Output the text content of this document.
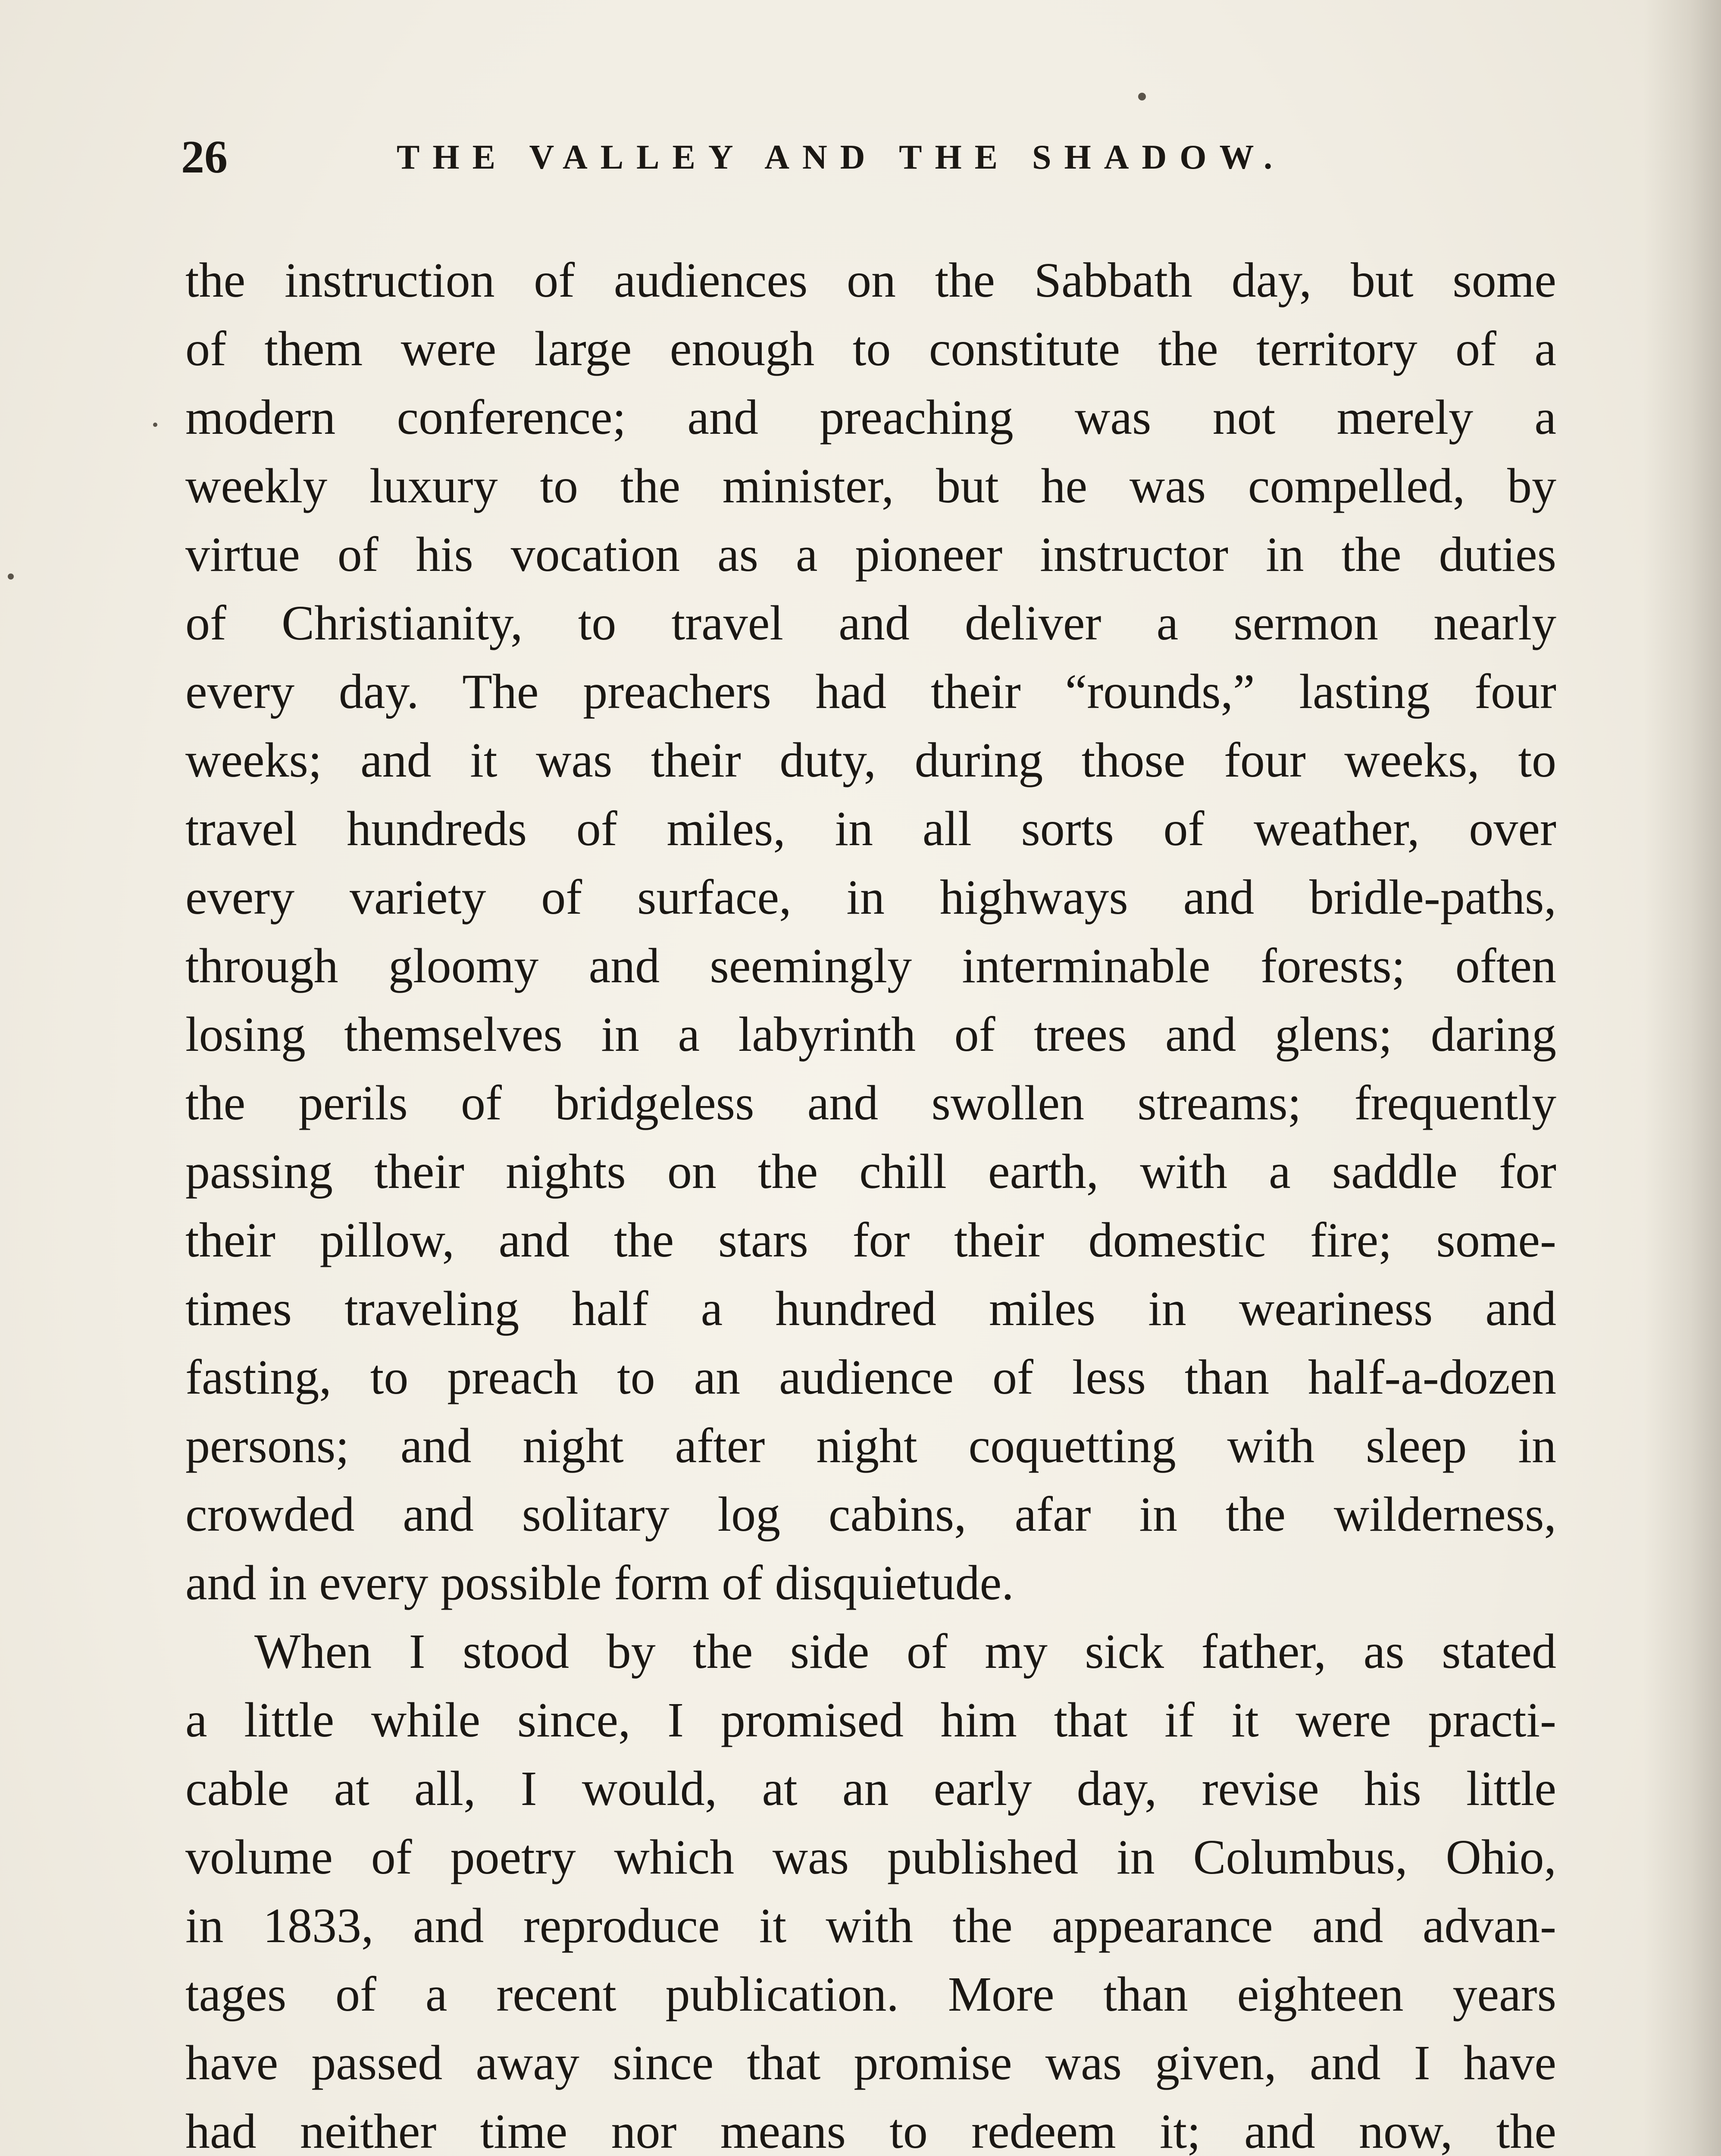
26	THE VALLEY AND THE SHADOW.
the instruction of audiences on the Sabbath day, but some
of them were large enough to constitute the territory of a
modern conference; and preaching was not merely a
weekly luxury to the minister, but he was compelled, by
virtue of his vocation as a pioneer instructor in the duties
of Christianity, to travel and deliver a sermon nearly
every day. The preachers had their “rounds,” lasting four
weeks; and it was their duty, during those four weeks, to
travel hundreds of miles, in all sorts of weather, over
every variety of surface, in highways and bridle-paths,
through gloomy and seemingly interminable forests; often
losing themselves in a labyrinth of trees and glens; daring
the perils of bridgeless and swollen streams; frequently
passing their nights on the chill earth, with a saddle for
their pillow, and the stars for their domestic fire; some-
times traveling half a hundred miles in weariness and
fasting, to preach to an audience of less than half-a-dozen
persons; and night after night coquetting with sleep in
crowded and solitary log cabins, afar in the wilderness,
and in every possible form of disquietude.
When I stood by the side of my sick father, as stated
a little while since, I promised him that if it were practi-
cable at all, I would, at an early day, revise his little
volume of poetry which was published in Columbus, Ohio,
in 1833, and reproduce it with the appearance and advan-
tages of a recent publication. More than eighteen years
have passed away since that promise was given, and I have
had neither time nor means to redeem it; and now, the
